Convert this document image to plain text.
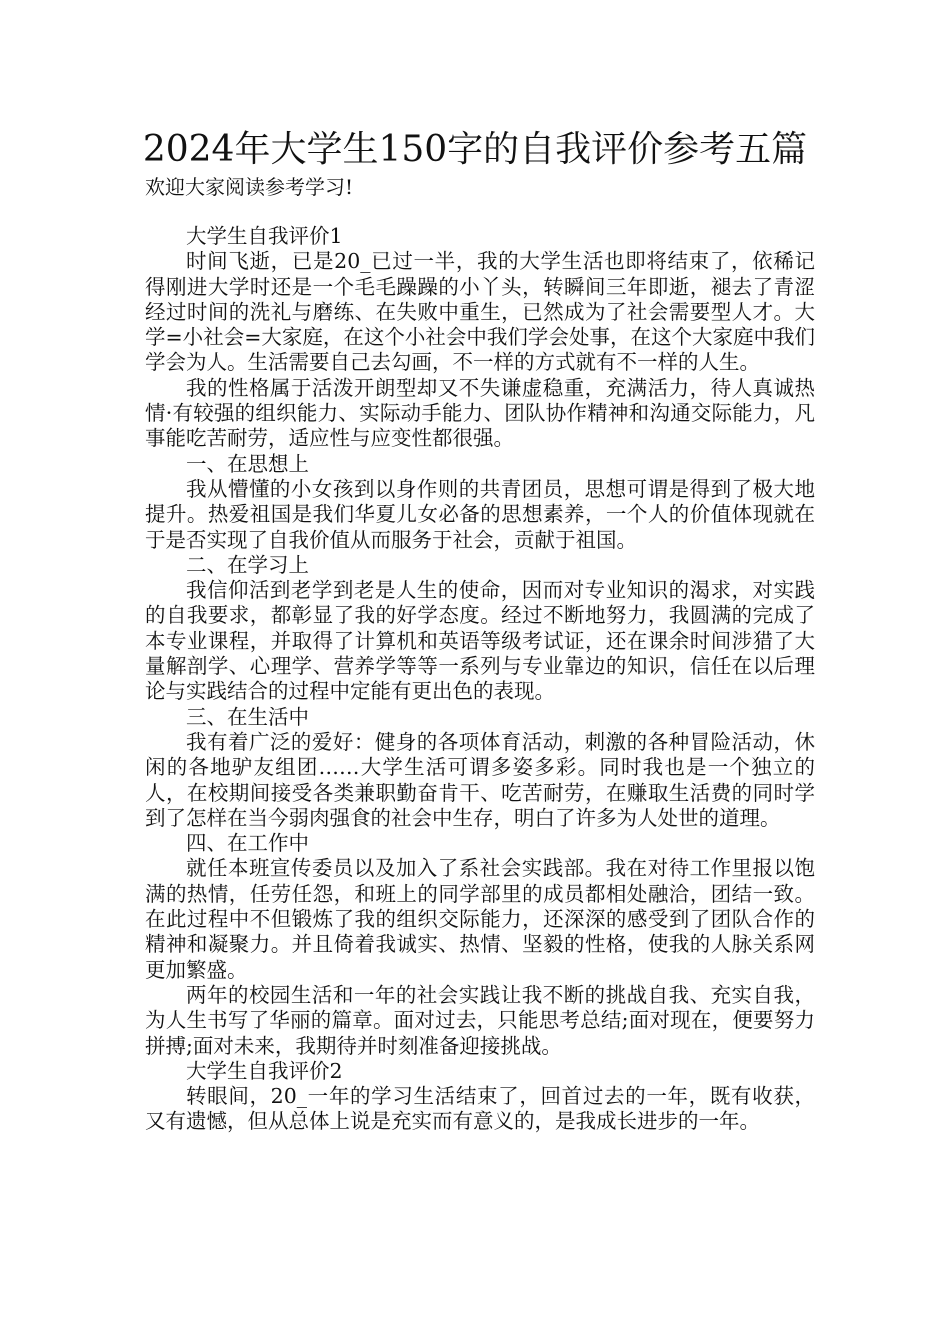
2024年大学生150字的自我评价参考五篇

欢迎大家阅读参考学习!

大学生自我评价1

时间飞逝，已是20_已过一半，我的大学生活也即将结束了，依稀记得刚进大学时还是一个毛毛躁躁的小丫头，转瞬间三年即逝，褪去了青涩经过时间的洗礼与磨练、在失败中重生，已然成为了社会需要型人才。大学=小社会=大家庭，在这个小社会中我们学会处事，在这个大家庭中我们学会为人。生活需要自己去勾画，不一样的方式就有不一样的人生。

我的性格属于活泼开朗型却又不失谦虚稳重，充满活力，待人真诚热情·有较强的组织能力、实际动手能力、团队协作精神和沟通交际能力，凡事能吃苦耐劳，适应性与应变性都很强。

一、在思想上

我从懵懂的小女孩到以身作则的共青团员，思想可谓是得到了极大地提升。热爱祖国是我们华夏儿女必备的思想素养，一个人的价值体现就在于是否实现了自我价值从而服务于社会，贡献于祖国。

二、在学习上

我信仰活到老学到老是人生的使命，因而对专业知识的渴求，对实践的自我要求，都彰显了我的好学态度。经过不断地努力，我圆满的完成了本专业课程，并取得了计算机和英语等级考试证，还在课余时间涉猎了大量解剖学、心理学、营养学等等一系列与专业靠边的知识，信任在以后理论与实践结合的过程中定能有更出色的表现。

三、在生活中

我有着广泛的爱好：健身的各项体育活动，刺激的各种冒险活动，休闲的各地驴友组团……大学生活可谓多姿多彩。同时我也是一个独立的人，在校期间接受各类兼职勤奋肯干、吃苦耐劳，在赚取生活费的同时学到了怎样在当今弱肉强食的社会中生存，明白了许多为人处世的道理。

四、在工作中

就任本班宣传委员以及加入了系社会实践部。我在对待工作里报以饱满的热情，任劳任怨，和班上的同学部里的成员都相处融洽，团结一致。在此过程中不但锻炼了我的组织交际能力，还深深的感受到了团队合作的精神和凝聚力。并且倚着我诚实、热情、坚毅的性格，使我的人脉关系网更加繁盛。

两年的校园生活和一年的社会实践让我不断的挑战自我、充实自我，为人生书写了华丽的篇章。面对过去，只能思考总结;面对现在，便要努力拼搏;面对未来，我期待并时刻准备迎接挑战。

大学生自我评价2

转眼间，20_一年的学习生活结束了，回首过去的一年，既有收获，又有遗憾，但从总体上说是充实而有意义的，是我成长进步的一年。
